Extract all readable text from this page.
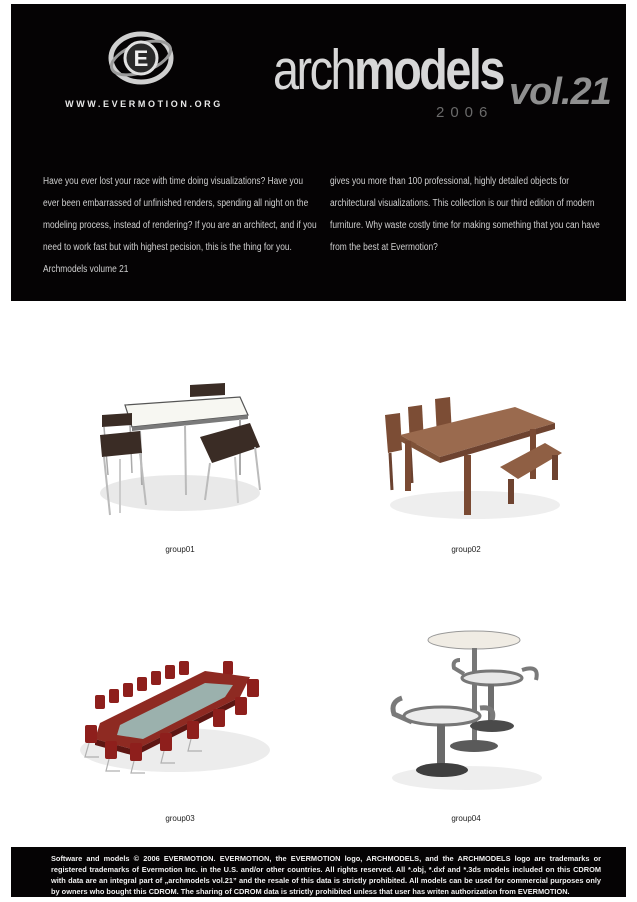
E
WWW.EVERMOTION.ORG
archmodels vol.21
2006
Have you ever lost your race with time doing visualizations? Have you ever been embarrassed of unfinished renders, spending all night on the modeling process, instead of rendering? If you are an architect, and if you need to work fast but with highest pecision, this is the thing for you. Archmodels volume 21
gives you more than 100 professional, highly detailed objects for architectural visualizations. This collection is our third edition of modern furniture. Why waste costly time for making something that you can have from the best at Evermotion?
group01	group02
group03	group04
Software and models © 2006 EVERMOTION. EVERMOTION, the EVERMOTION logo, ARCHMODELS, and the ARCHMODELS logo are trademarks or registered trademarks of Evermotion Inc. in the U.S. and/or other countries. All rights reserved. All *.obj, *.dxf and *.3ds models included on this CDROM with data are an integral part of „archmodels vol.21” and the resale of this data is strictly prohibited. All models can be used for commercial purposes only by owners who bought this CDROM. The sharing of CDROM data is strictly prohibited unless that user has writen authorization from EVERMOTION.
